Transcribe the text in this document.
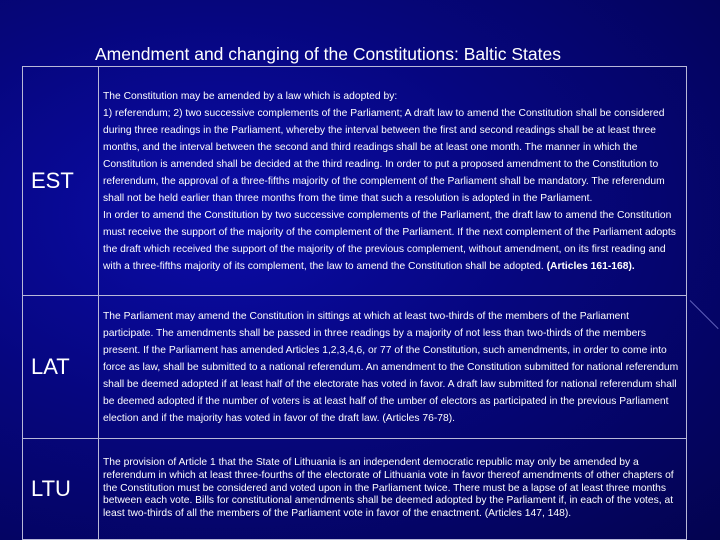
Amendment and changing of the Constitutions: Baltic States
EST	The Constitution may be amended by a law which is adopted by:
1) referendum; 2) two successive complements of the Parliament; A draft law to amend the Constitution shall be considered during three readings in the Parliament, whereby the interval between the first and second readings shall be at least three months, and the interval between the second and third readings shall be at least one month. The manner in which the Constitution is amended shall be decided at the third reading. In order to put a proposed amendment to the Constitution to referendum, the approval of a three-fifths majority of the complement of the Parliament shall be mandatory. The referendum shall not be held earlier than three months from the time that such a resolution is adopted in the Parliament.
In order to amend the Constitution by two successive complements of the Parliament, the draft law to amend the Constitution must receive the support of the majority of the complement of the Parliament. If the next complement of the Parliament adopts the draft which received the support of the majority of the previous complement, without amendment, on its first reading and with a three-fifths majority of its complement, the law to amend the Constitution shall be adopted. (Articles 161-168).

LAT	The Parliament may amend the Constitution in sittings at which at least two-thirds of the members of the Parliament participate. The amendments shall be passed in three readings by a majority of not less than two-thirds of the members present. If the Parliament has amended Articles 1,2,3,4,6, or 77 of the Constitution, such amendments, in order to come into force as law, shall be submitted to a national referendum. An amendment to the Constitution submitted for national referendum shall be deemed adopted if at least half of the electorate has voted in favor. A draft law submitted for national referendum shall be deemed adopted if the number of voters is at least half of the umber of electors as participated in the previous Parliament election and if the majority has voted in favor of the draft law. (Articles 76-78).
LTU	The provision of Article 1 that the State of Lithuania is an independent democratic republic may only be amended by a referendum in which at least three-fourths of the electorate of Lithuania vote in favor thereof amendments of other chapters of the Constitution must be considered and voted upon in the Parliament twice. There must be a lapse of at least three months between each vote. Bills for constitutional amendments shall be deemed adopted by the Parliament if, in each of the votes, at least two-thirds of all the members of the Parliament vote in favor of the enactment. (Articles 147, 148).
